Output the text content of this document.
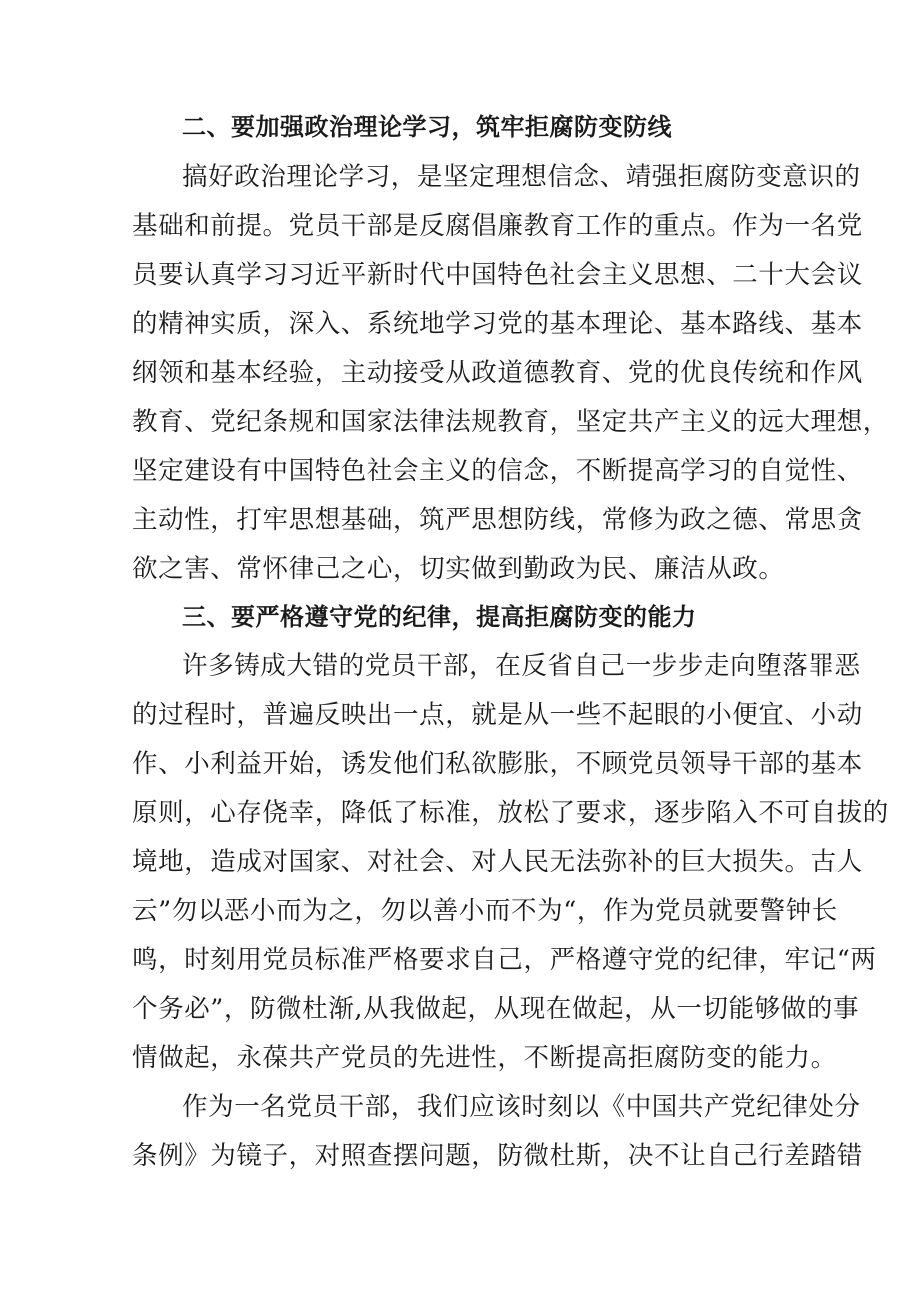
二、要加强政治理论学习，筑牢拒腐防变防线
搞好政治理论学习，是坚定理想信念、靖强拒腐防变意识的
基础和前提。党员干部是反腐倡廉教育工作的重点。作为一名党
员要认真学习习近平新时代中国特色社会主义思想、二十大会议
的精神实质，深入、系统地学习党的基本理论、基本路线、基本
纲领和基本经验，主动接受从政道德教育、党的优良传统和作风
教育、党纪条规和国家法律法规教育，坚定共产主义的远大理想，
坚定建设有中国特色社会主义的信念，不断提高学习的自觉性、
主动性，打牢思想基础，筑严思想防线，常修为政之德、常思贪
欲之害、常怀律己之心，切实做到勤政为民、廉洁从政。
三、要严格遵守党的纪律，提高拒腐防变的能力
许多铸成大错的党员干部，在反省自己一步步走向堕落罪恶
的过程时，普遍反映出一点，就是从一些不起眼的小便宜、小动
作、小利益开始，诱发他们私欲膨胀，不顾党员领导干部的基本
原则，心存侥幸，降低了标准，放松了要求，逐步陷入不可自拔的
境地，造成对国家、对社会、对人民无法弥补的巨大损失。古人
云”勿以恶小而为之，勿以善小而不为“，作为党员就要警钟长
鸣，时刻用党员标准严格要求自己，严格遵守党的纪律，牢记“两
个务必”，防微杜渐,从我做起，从现在做起，从一切能够做的事
情做起，永葆共产党员的先进性，不断提高拒腐防变的能力。
作为一名党员干部，我们应该时刻以《中国共产党纪律处分
条例》为镜子，对照查摆问题，防微杜斯，决不让自己行差踏错
